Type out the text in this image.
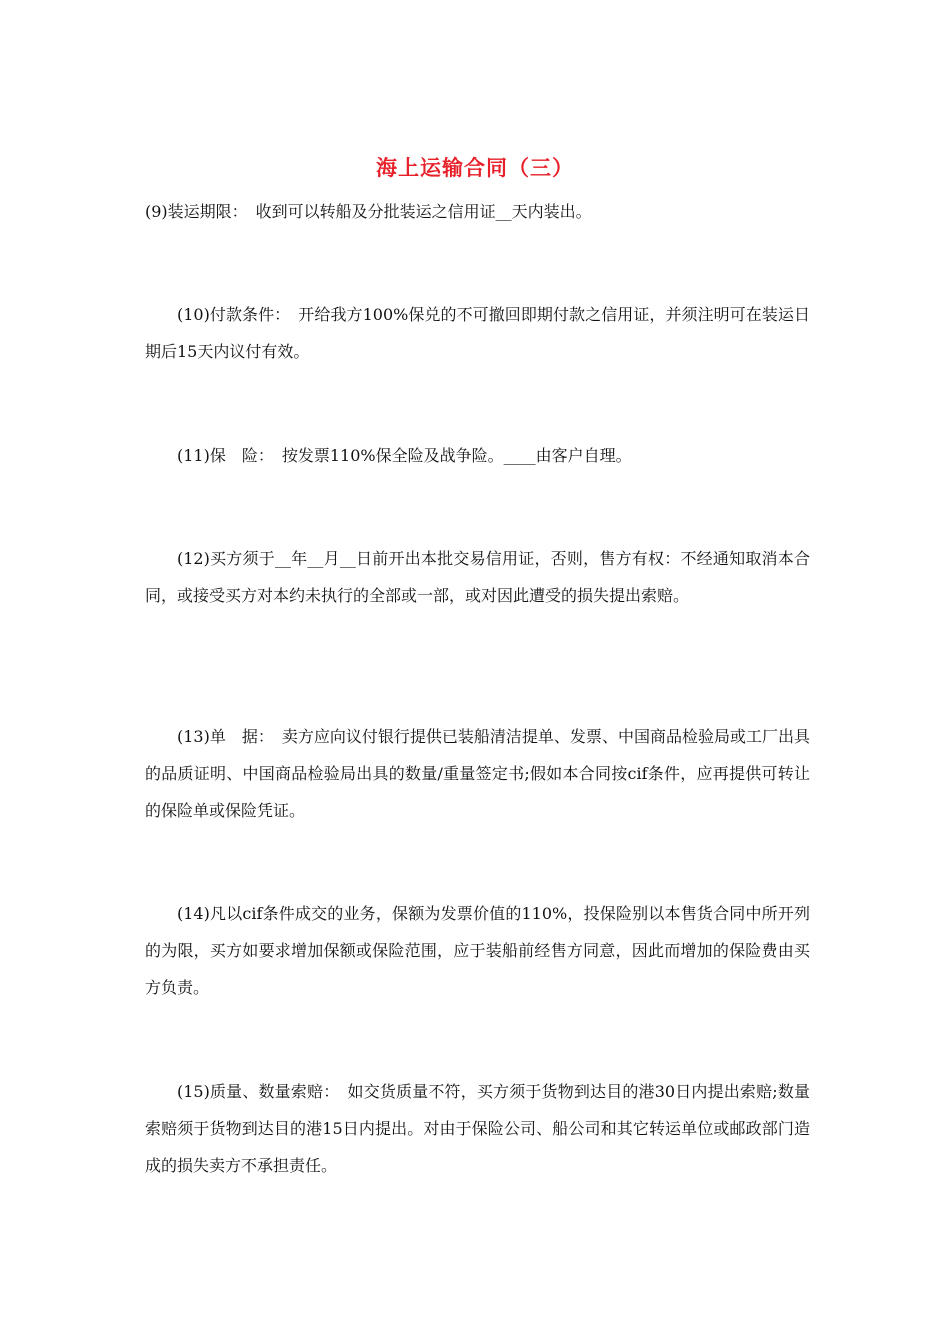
海上运输合同（三）

(9)装运期限：　收到可以转船及分批装运之信用证__天内装出。

(10)付款条件：　开给我方100%保兑的不可撤回即期付款之信用证，并须注明可在装运日期后15天内议付有效。

(11)保　险：　按发票110%保全险及战争险。____由客户自理。

(12)买方须于__年__月__日前开出本批交易信用证，否则，售方有权：不经通知取消本合同，或接受买方对本约未执行的全部或一部，或对因此遭受的损失提出索赔。

(13)单　据：　卖方应向议付银行提供已装船清洁提单、发票、中国商品检验局或工厂出具的品质证明、中国商品检验局出具的数量/重量签定书;假如本合同按cif条件，应再提供可转让的保险单或保险凭证。

(14)凡以cif条件成交的业务，保额为发票价值的110%，投保险别以本售货合同中所开列的为限，买方如要求增加保额或保险范围，应于装船前经售方同意，因此而增加的保险费由买方负责。

(15)质量、数量索赔：　如交货质量不符，买方须于货物到达目的港30日内提出索赔;数量索赔须于货物到达目的港15日内提出。对由于保险公司、船公司和其它转运单位或邮政部门造成的损失卖方不承担责任。
